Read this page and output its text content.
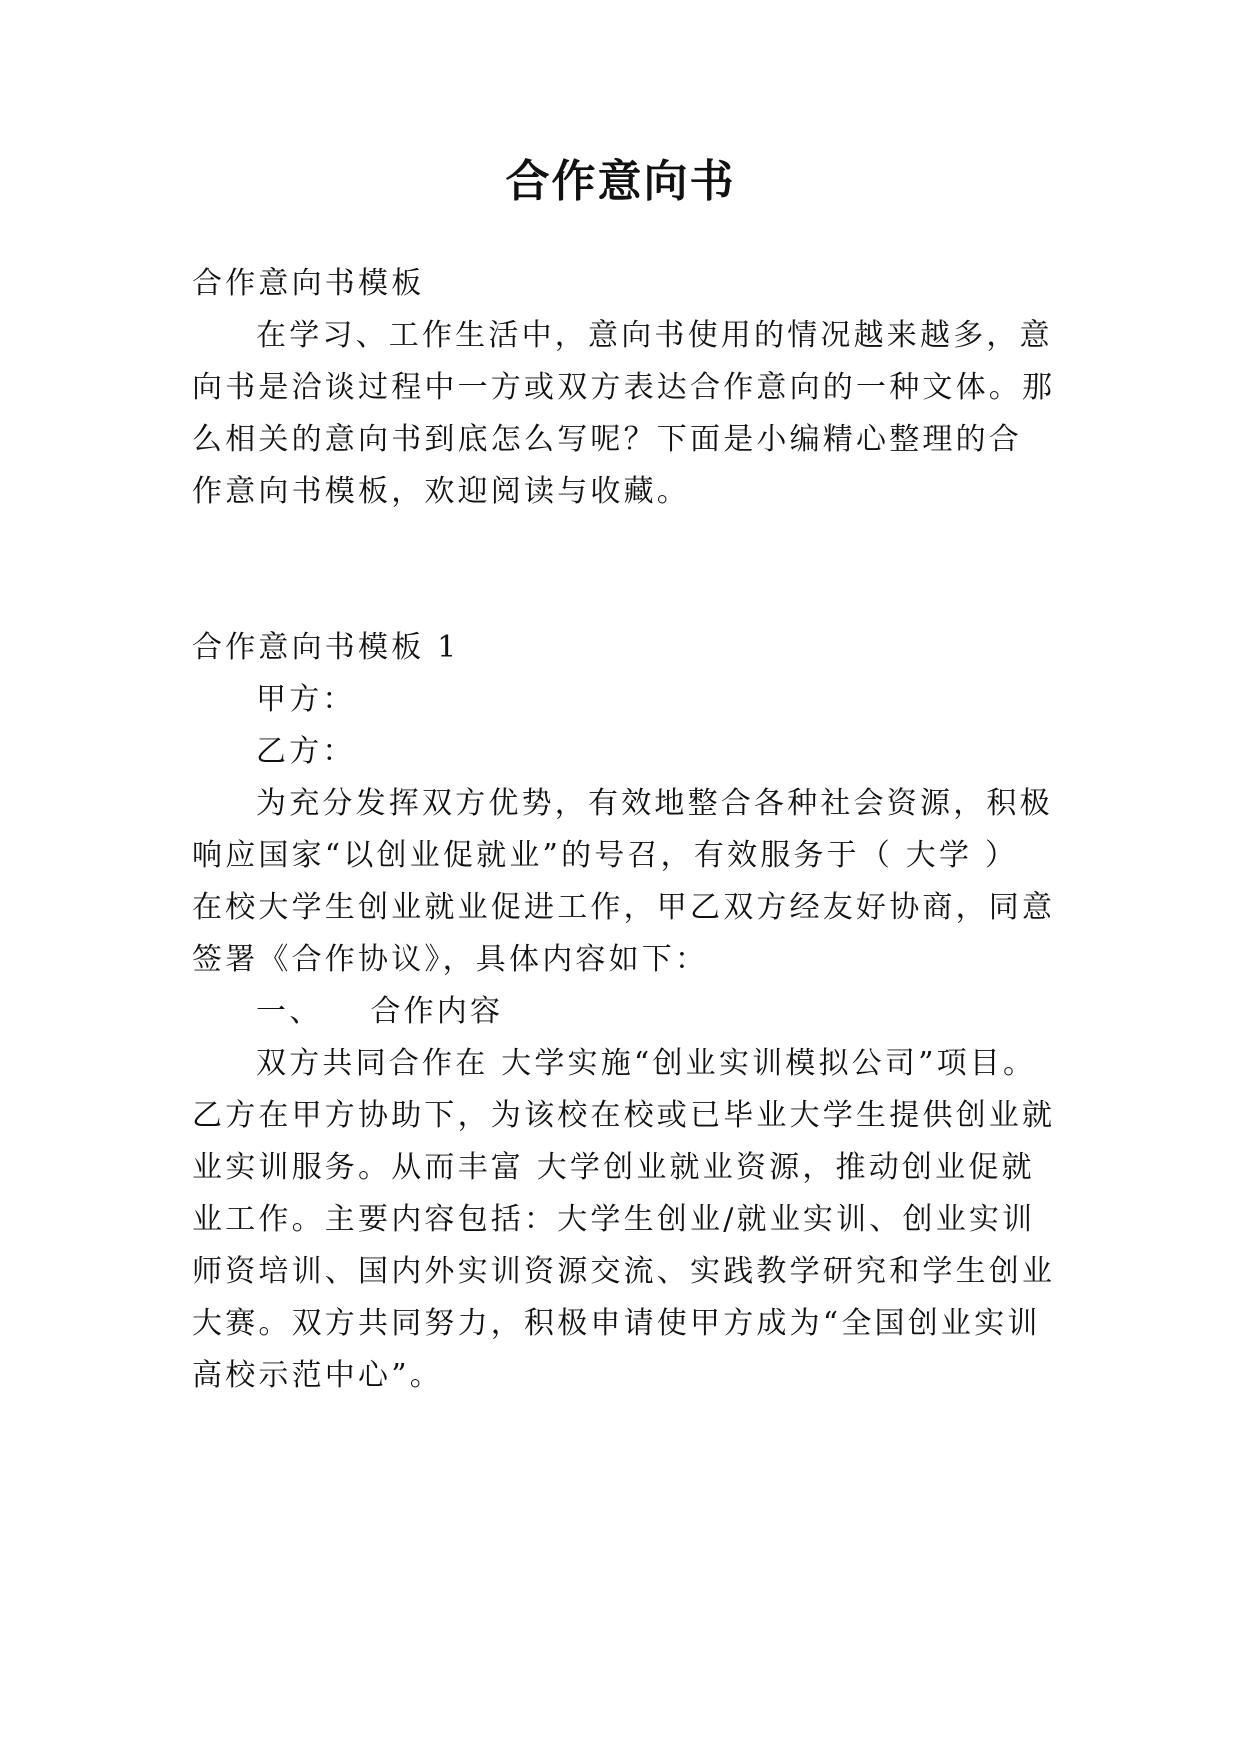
合作意向书
合作意向书模板
在学习、工作生活中，意向书使用的情况越来越多，意
向书是洽谈过程中一方或双方表达合作意向的一种文体。那
么相关的意向书到底怎么写呢？下面是小编精心整理的合
作意向书模板，欢迎阅读与收藏。
合作意向书模板 1
甲方：
乙方：
为充分发挥双方优势，有效地整合各种社会资源，积极
响应国家“以创业促就业”的号召，有效服务于（ 大学 ）
在校大学生创业就业促进工作，甲乙双方经友好协商，同意
签署《合作协议》，具体内容如下：
一、 合作内容
双方共同合作在 大学实施“创业实训模拟公司”项目。
乙方在甲方协助下，为该校在校或已毕业大学生提供创业就
业实训服务。从而丰富 大学创业就业资源，推动创业促就
业工作。主要内容包括：大学生创业/就业实训、创业实训
师资培训、国内外实训资源交流、实践教学研究和学生创业
大赛。双方共同努力，积极申请使甲方成为“全国创业实训
高校示范中心”。
